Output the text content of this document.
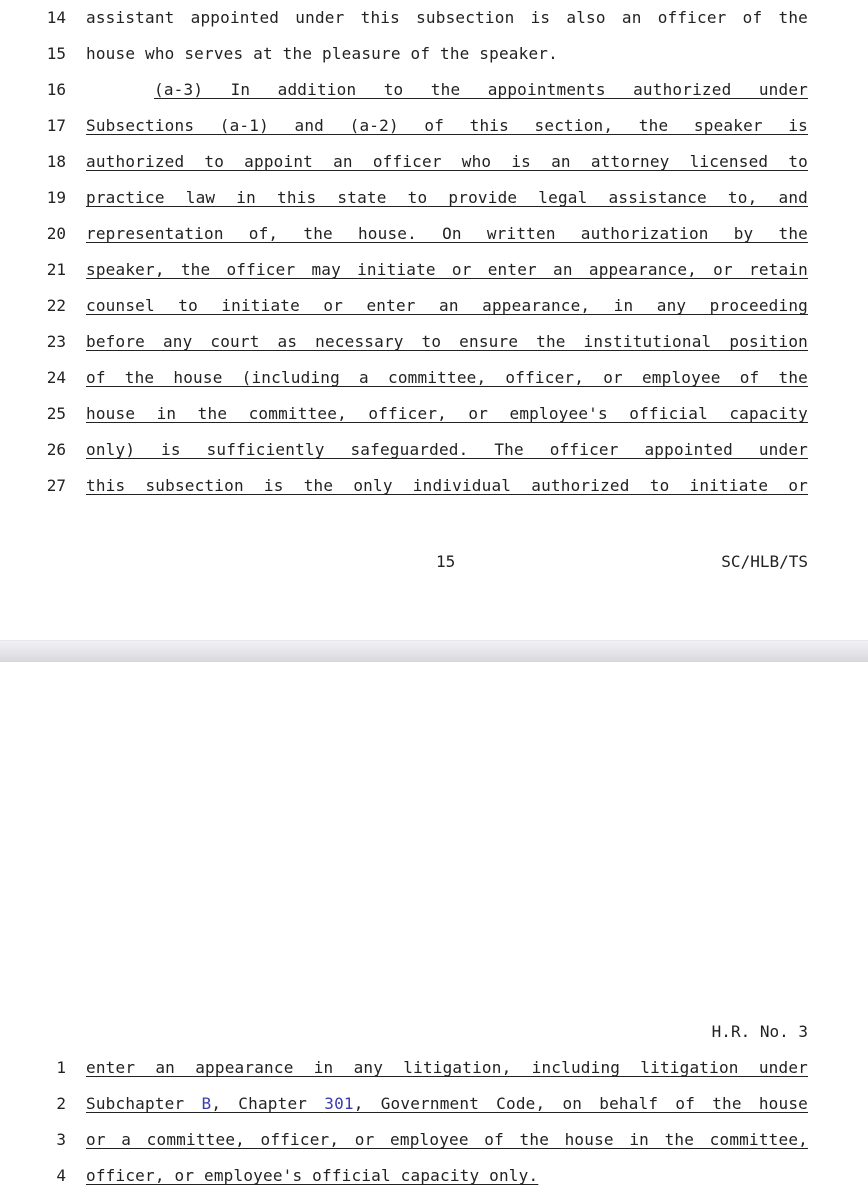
14 assistant appointed under this subsection is also an officer of the
15 house who serves at the pleasure of the speaker.
16	(a-3) In addition to the appointments authorized under
17 Subsections (a-1) and (a-2) of this section, the speaker is
18 authorized to appoint an officer who is an attorney licensed to
19 practice law in this state to provide legal assistance to, and
20 representation of, the house. On written authorization by the
21 speaker, the officer may initiate or enter an appearance, or retain
22 counsel to initiate or enter an appearance, in any proceeding
23 before any court as necessary to ensure the institutional position
24 of the house (including a committee, officer, or employee of the
25 house in the committee, officer, or employee's official capacity
26 only) is sufficiently safeguarded. The officer appointed under
27 this subsection is the only individual authorized to initiate or
15	SC/HLB/TS
H.R. No. 3
1 enter an appearance in any litigation, including litigation under
2 Subchapter B, Chapter 301, Government Code, on behalf of the house
3 or a committee, officer, or employee of the house in the committee,
4 officer, or employee's official capacity only.
